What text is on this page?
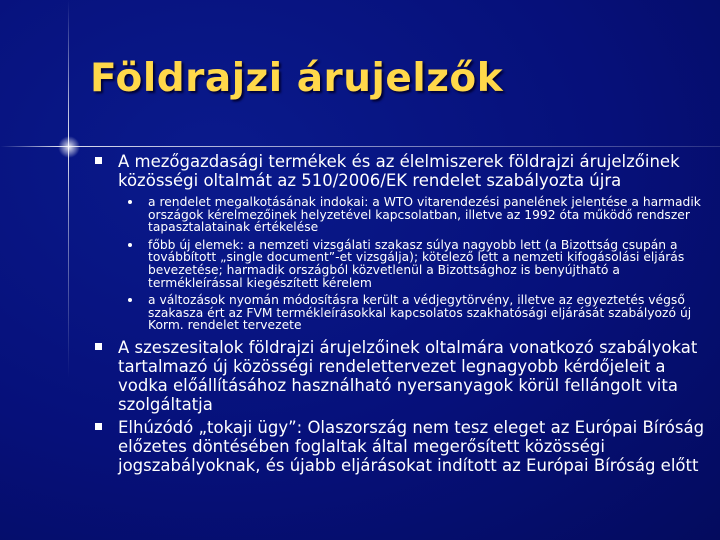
Földrajzi árujelzők
A mezőgazdasági termékek és az élelmiszerek földrajzi árujelzőinek közösségi oltalmát az 510/2006/EK rendelet szabályozta újra
a rendelet megalkotásának indokai: a WTO vitarendezési panelének jelentése a harmadik országok kérelmezőinek helyzetével kapcsolatban, illetve az 1992 óta működő rendszer tapasztalatainak értékelése
főbb új elemek: a nemzeti vizsgálati szakasz súlya nagyobb lett (a Bizottság csupán a továbbított „single document”-et vizsgálja); kötelező lett a nemzeti kifogásolási eljárás bevezetése; harmadik országból közvetlenül a Bizottsághoz is benyújtható a termékleírással kiegészített kérelem
a változások nyomán módosításra került a védjegytörvény, illetve az egyeztetés végső szakasza ért az FVM termékleírásokkal kapcsolatos szakhatósági eljárását szabályozó új Korm. rendelet tervezete
A szeszesitalok földrajzi árujelzőinek oltalmára vonatkozó szabályokat tartalmazó új közösségi rendelettervezet legnagyobb kérdőjeleit a vodka előállításához használható nyersanyagok körül fellángolt vita szolgáltatja
Elhúzódó „tokaji ügy”: Olaszország nem tesz eleget az Európai Bíróság előzetes döntésében foglaltak által megerősített közösségi jogszabályoknak, és újabb eljárásokat indított az Európai Bíróság előtt
